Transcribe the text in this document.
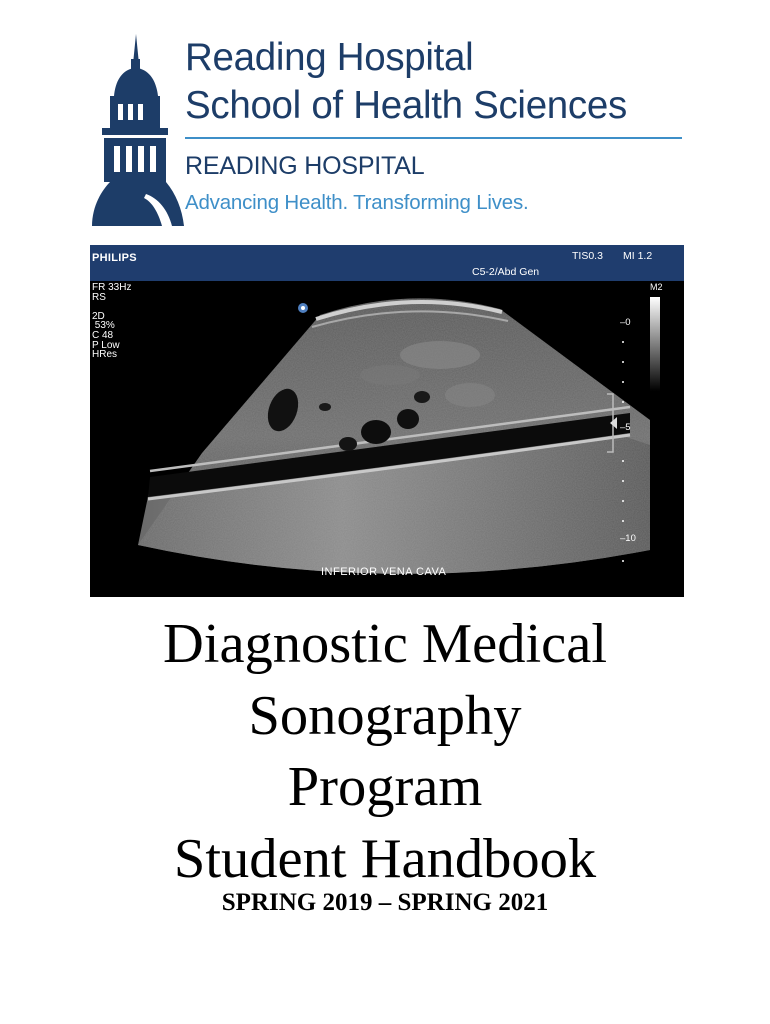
Reading Hospital
School of Health Sciences
READING HOSPITAL
Advancing Health. Transforming Lives.
PHILIPS	TIS0.3 MI 1.2
C5-2/Abd Gen
FR 33Hz
RS

2D
53%
C 48
P Low
HRes
M2
–0
–5
–10
INFERIOR VENA CAVA
Diagnostic Medical
Sonography
Program
Student Handbook
SPRING 2019 – SPRING 2021
